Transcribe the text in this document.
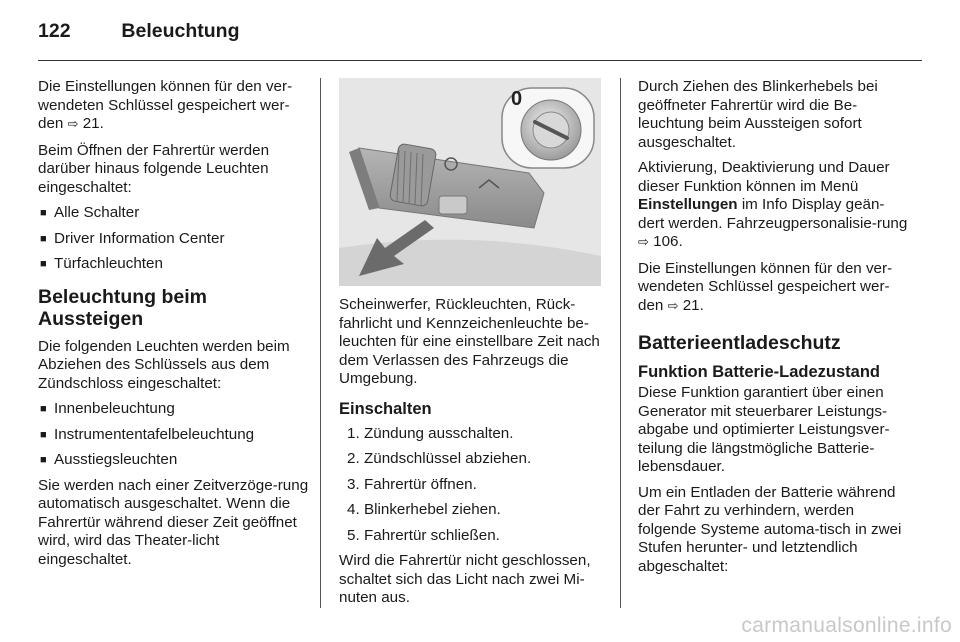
122	Beleuchtung

Die Einstellungen können für den ver-wendeten Schlüssel gespeichert wer-den ⇨ 21.

Beim Öffnen der Fahrertür werden darüber hinaus folgende Leuchten eingeschaltet:

■ Alle Schalter
■ Driver Information Center
■ Türfachleuchten
Beleuchtung beim Aussteigen

Die folgenden Leuchten werden beim Abziehen des Schlüssels aus dem Zündschloss eingeschaltet:

■ Innenbeleuchtung
■ Instrumententafelbeleuchtung
■ Ausstiegsleuchten

Sie werden nach einer Zeitverzöge-rung automatisch ausgeschaltet. Wenn die Fahrertür während dieser Zeit geöffnet wird, wird das Theater-licht eingeschaltet.

0

Scheinwerfer, Rückleuchten, Rück-fahrlicht und Kennzeichenleuchte be-leuchten für eine einstellbare Zeit nach dem Verlassen des Fahrzeugs die Umgebung.

Einschalten
1. Zündung ausschalten.
2. Zündschlüssel abziehen.
3. Fahrertür öffnen.
4. Blinkerhebel ziehen.
5. Fahrertür schließen.

Wird die Fahrertür nicht geschlossen, schaltet sich das Licht nach zwei Mi-nuten aus.

Durch Ziehen des Blinkerhebels bei geöffneter Fahrertür wird die Be-leuchtung beim Aussteigen sofort ausgeschaltet.

Aktivierung, Deaktivierung und Dauer dieser Funktion können im Menü Einstellungen im Info Display geän-dert werden. Fahrzeugpersonalisie-rung ⇨ 106.

Die Einstellungen können für den ver-wendeten Schlüssel gespeichert wer-den ⇨ 21.

Batterieentladeschutz
Funktion Batterie-Ladezustand

Diese Funktion garantiert über einen Generator mit steuerbarer Leistungs-abgabe und optimierter Leistungsver-teilung die längstmögliche Batterie-lebensdauer.

Um ein Entladen der Batterie während der Fahrt zu verhindern, werden folgende Systeme automa-tisch in zwei Stufen herunter- und letztendlich abgeschaltet:

carmanualsonline.info
